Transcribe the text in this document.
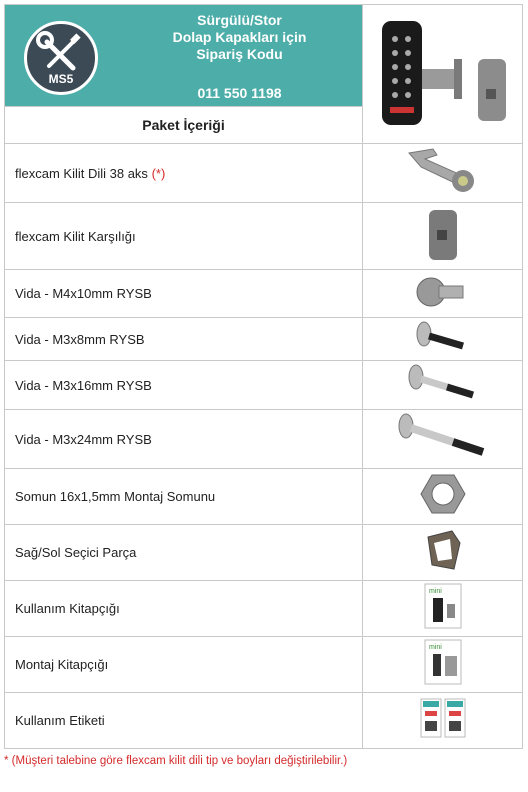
MS5
Sürgülü/Stor
Dolap Kapakları için
Sipariş Kodu
011 550 1198

Paket İçeriği	
flexcam Kilit Dili 38 aks (*)	
flexcam Kilit Karşılığı	
Vida - M4x10mm RYSB	
Vida - M3x8mm RYSB	
Vida - M3x16mm RYSB	
Vida - M3x24mm RYSB	
Somun 16x1,5mm Montaj Somunu	
Sağ/Sol Seçici Parça	
Kullanım Kitapçığı	mini

Montaj Kitapçığı	mini

Kullanım Etiketi	
* (Müşteri talebine göre flexcam kilit dili tip ve boyları değiştirilebilir.)
